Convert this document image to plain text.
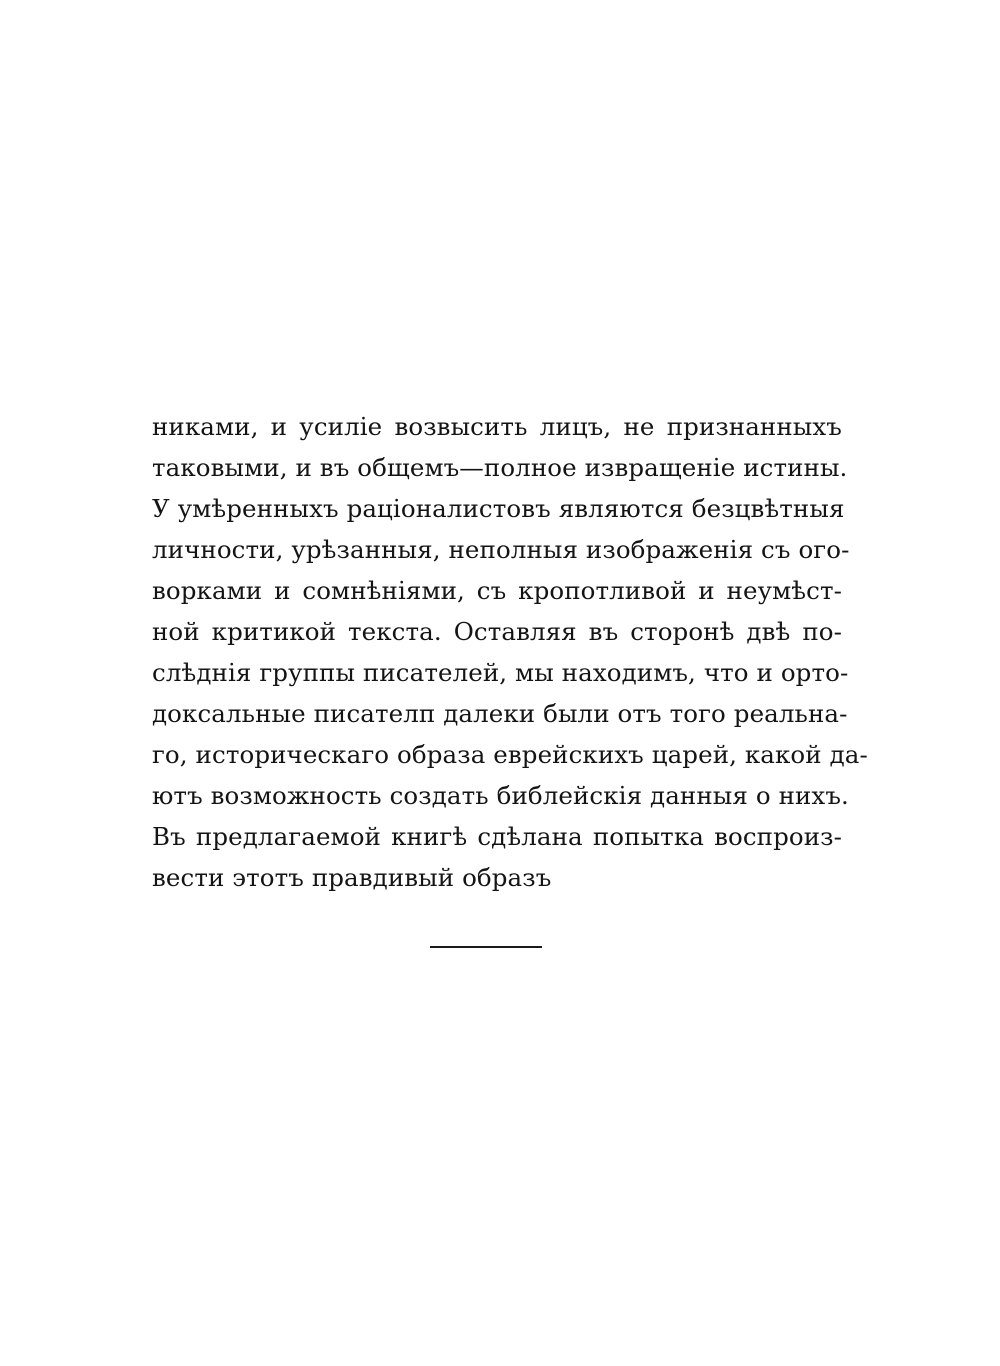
никами, и усиліе возвысить лицъ, не признанныхъ
таковыми, и въ общемъ—полное извращеніе истины.
У умѣренныхъ раціоналистовъ являются безцвѣтныя
личности, урѣзанныя, неполныя изображенія съ ого-
ворками и сомнѣніями, съ кропотливой и неумѣст-
ной критикой текста. Оставляя въ сторонѣ двѣ по-
слѣднія группы писателей, мы находимъ, что и орто-
доксальные писателп далеки были отъ того реальна-
го, историческаго образа еврейскихъ царей, какой да-
ютъ возможность создать библейскія данныя о нихъ.
Въ предлагаемой книгѣ сдѣлана попытка воспроиз-
вести этотъ правдивый образъ
